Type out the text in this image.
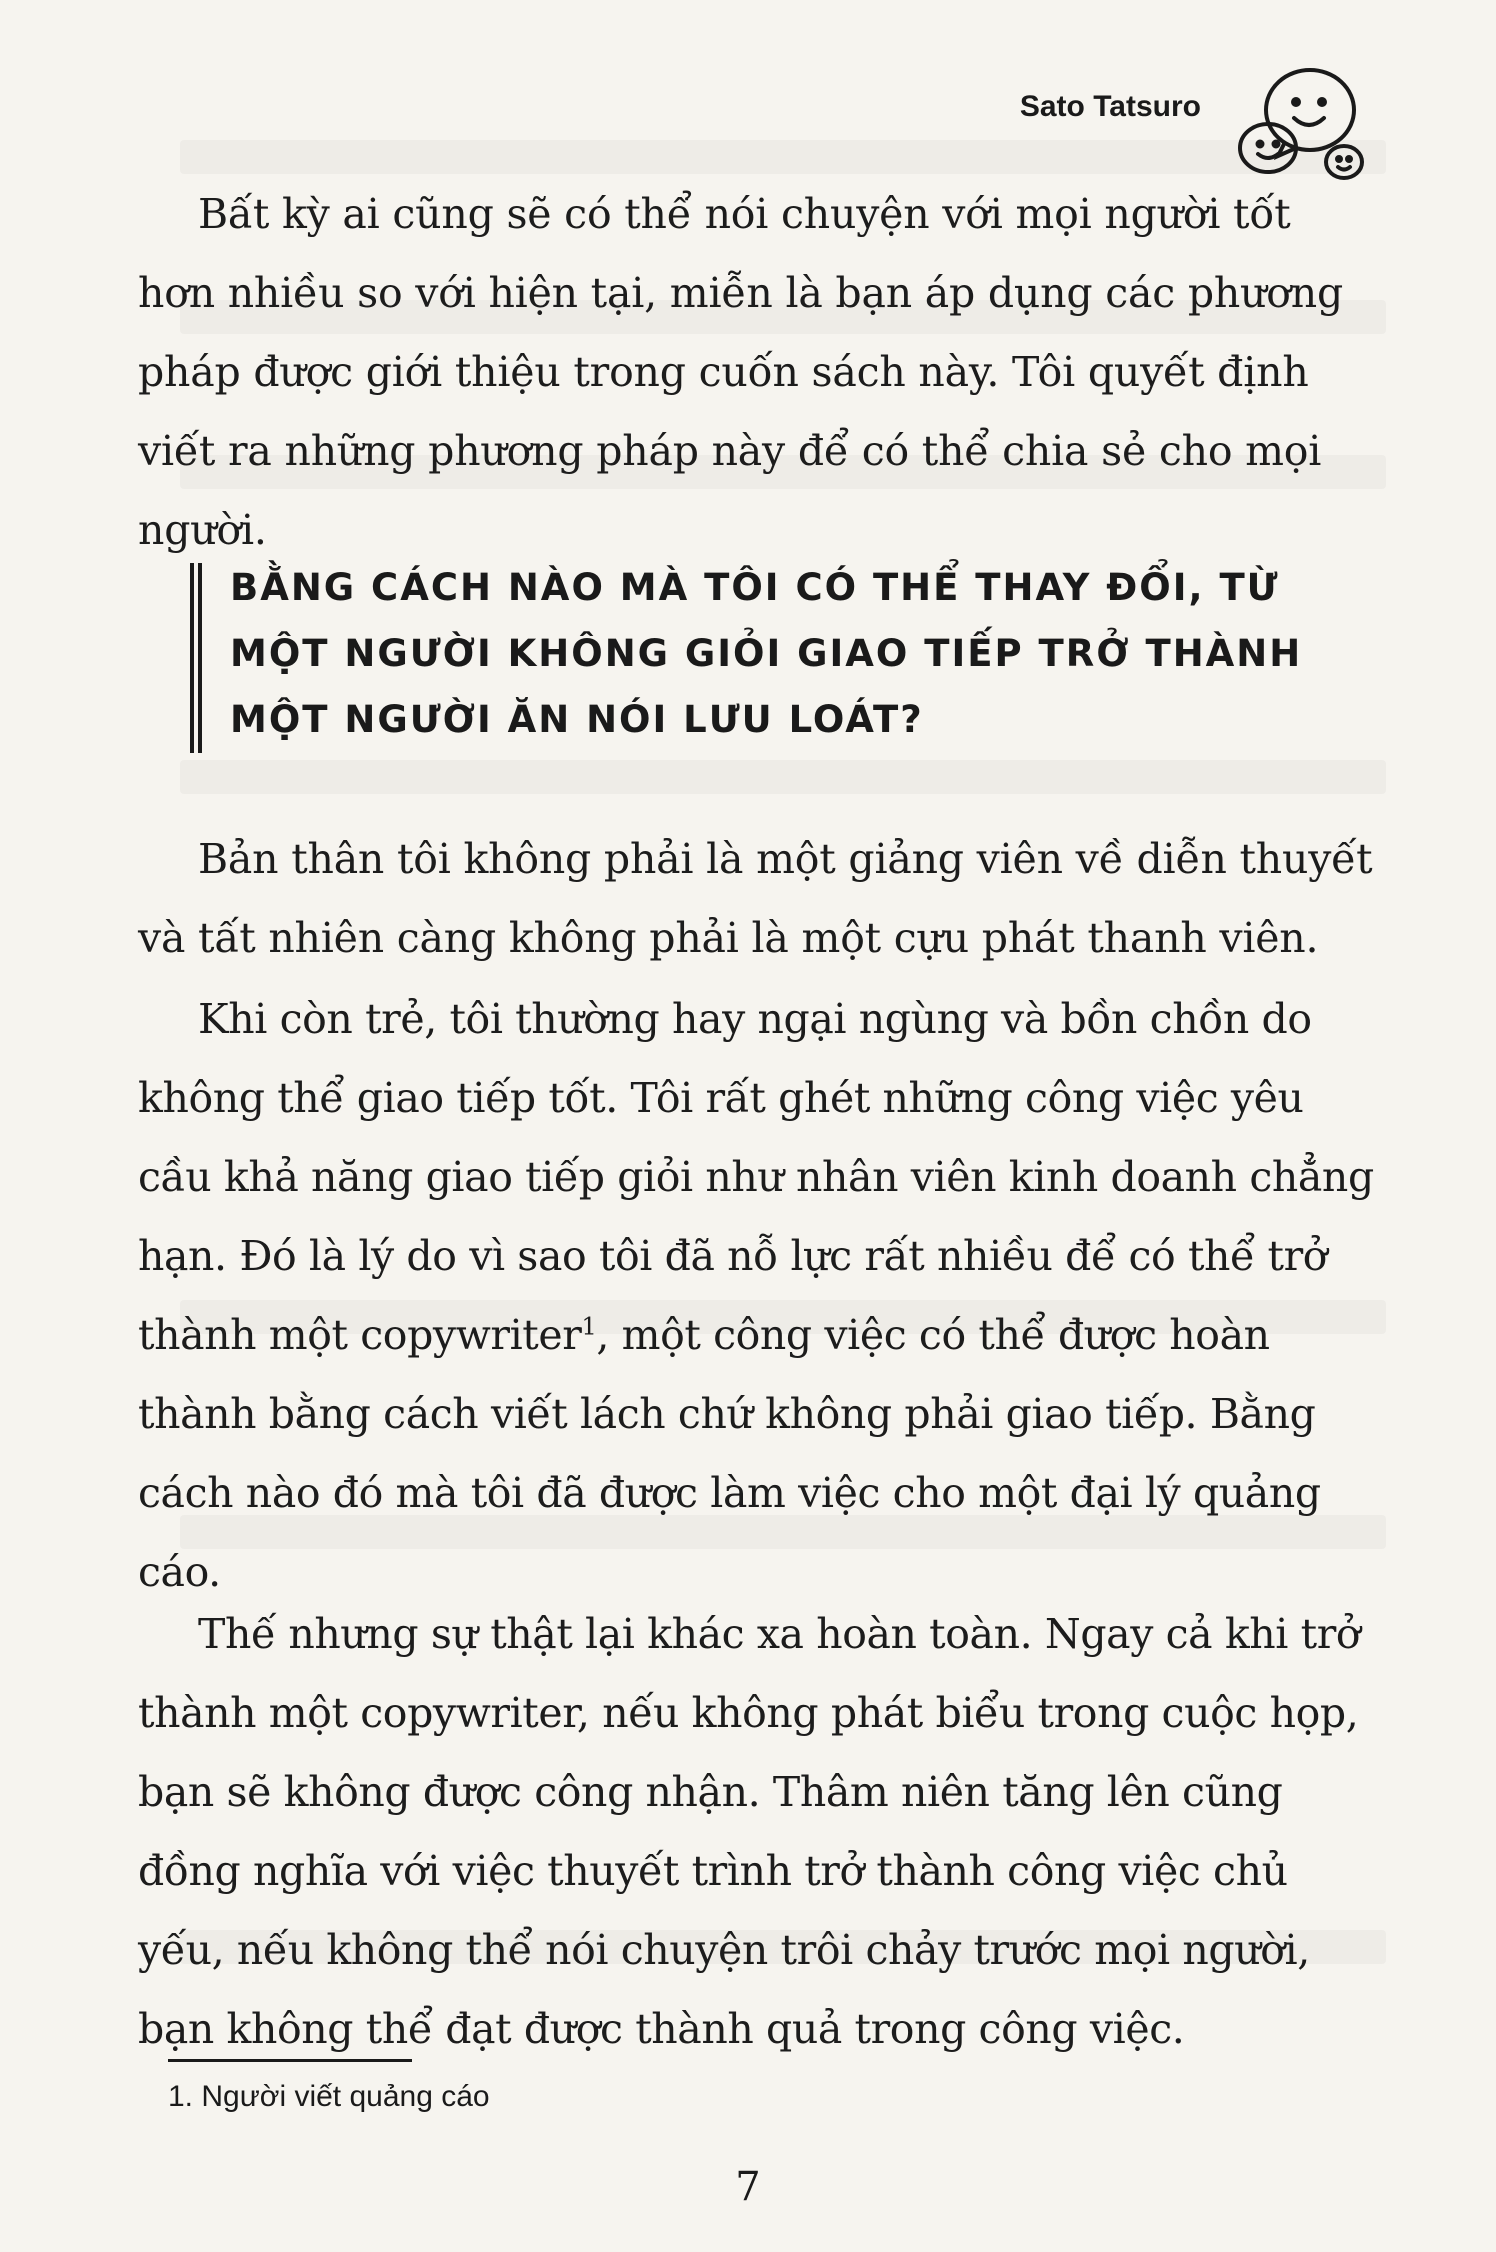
Sato Tatsuro

Bất kỳ ai cũng sẽ có thể nói chuyện với mọi người tốt hơn nhiều so với hiện tại, miễn là bạn áp dụng các phương pháp được giới thiệu trong cuốn sách này. Tôi quyết định viết ra những phương pháp này để có thể chia sẻ cho mọi người.

BẰNG CÁCH NÀO MÀ TÔI CÓ THỂ THAY ĐỔI, TỪ MỘT NGƯỜI KHÔNG GIỎI GIAO TIẾP TRỞ THÀNH MỘT NGƯỜI ĂN NÓI LƯU LOÁT?

Bản thân tôi không phải là một giảng viên về diễn thuyết và tất nhiên càng không phải là một cựu phát thanh viên.

Khi còn trẻ, tôi thường hay ngại ngùng và bồn chồn do không thể giao tiếp tốt. Tôi rất ghét những công việc yêu cầu khả năng giao tiếp giỏi như nhân viên kinh doanh chẳng hạn. Đó là lý do vì sao tôi đã nỗ lực rất nhiều để có thể trở thành một copywriter$^1$, một công việc có thể được hoàn thành bằng cách viết lách chứ không phải giao tiếp. Bằng cách nào đó mà tôi đã được làm việc cho một đại lý quảng cáo.

Thế nhưng sự thật lại khác xa hoàn toàn. Ngay cả khi trở thành một copywriter, nếu không phát biểu trong cuộc họp, bạn sẽ không được công nhận. Thâm niên tăng lên cũng đồng nghĩa với việc thuyết trình trở thành công việc chủ yếu, nếu không thể nói chuyện trôi chảy trước mọi người, bạn không thể đạt được thành quả trong công việc.

1. Người viết quảng cáo
7
